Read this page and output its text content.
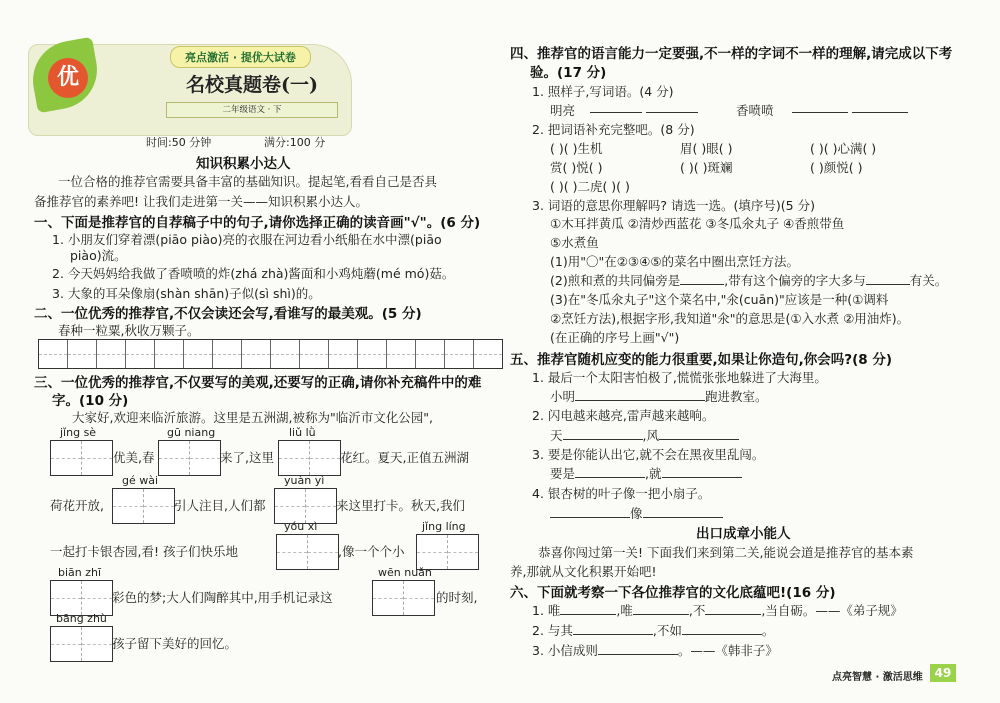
优
亮点激活 · 提优大试卷
名校真题卷(一)
二年级语文 · 下
时间:50 分钟	满分:100 分
知识积累小达人
一位合格的推荐官需要具备丰富的基础知识。提起笔,看看自己是否具
备推荐官的素养吧! 让我们走进第一关——知识积累小达人。
一、下面是推荐官的自荐稿子中的句子,请你选择正确的读音画"√"。(6 分)
1. 小朋友们穿着漂(piāo piào)亮的衣服在河边看小纸船在水中漂(piāo
piào)流。
2. 今天妈妈给我做了香喷喷的炸(zhá zhà)酱面和小鸡炖蘑(mé mó)菇。
3. 大象的耳朵像扇(shàn shān)子似(sì shì)的。
二、一位优秀的推荐官,不仅会读还会写,看谁写的最美观。(5 分)
春种一粒粟,秋收万颗子。
三、一位优秀的推荐官,不仅要写的美观,还要写的正确,请你补充稿件中的难
字。(10 分)
大家好,欢迎来临沂旅游。这里是五洲湖,被称为"临沂市文化公园",
jǐng sè	gū niang	liǔ lǜ
优美,春	来了,这里	花红。夏天,正值五洲湖
gé wài	yuàn yì
荷花开放,	引人注目,人们都	来这里打卡。秋天,我们
yóu xì	jǐng líng
一起打卡银杏园,看! 孩子们快乐地	,像一个个小
biān zhī	wēn nuǎn
彩色的梦;大人们陶醉其中,用手机记录这	的时刻,
bāng zhù
孩子留下美好的回忆。
四、推荐官的语言能力一定要强,不一样的字词不一样的理解,请完成以下考
验。(17 分)
1. 照样子,写词语。(4 分)
明亮
	香喷喷

2. 把词语补充完整吧。(8 分)
( )( )生机	眉( )眼( )	( )( )心满( )
赏( )悦( )	( )( )斑斓	( )颜悦( )
( )( )二虎( )( )
3. 词语的意思你理解吗? 请选一选。(填序号)(5 分)
①木耳拌黄瓜 ②清炒西蓝花 ③冬瓜氽丸子 ④香煎带鱼
⑤水煮鱼
(1)用"〇"在②③④⑤的菜名中圈出烹饪方法。
(2)煎和煮的共同偏旁是	,带有这个偏旁的字大多与	有关。
(3)在"冬瓜氽丸子"这个菜名中,"氽(cuān)"应该是一种(①调料
②烹饪方法),根据字形,我知道"氽"的意思是(①入水煮 ②用油炸)。
(在正确的序号上画"√")
五、推荐官随机应变的能力很重要,如果让你造句,你会吗?(8 分)
1. 最后一个太阳害怕极了,慌慌张张地躲进了大海里。
小明	跑进教室。
2. 闪电越来越亮,雷声越来越响。
天	,风
3. 要是你能认出它,就不会在黑夜里乱闯。
要是	,就
4. 银杏树的叶子像一把小扇子。
像
出口成章小能人
恭喜你闯过第一关! 下面我们来到第二关,能说会道是推荐官的基本素
养,那就从文化积累开始吧!
六、下面就考察一下各位推荐官的文化底蕴吧!(16 分)
1. 唯	,唯	,不	,当自砺。——《弟子规》
2. 与其	,不如	。
3. 小信成则	。——《韩非子》
点亮智慧 · 激活思维 49
